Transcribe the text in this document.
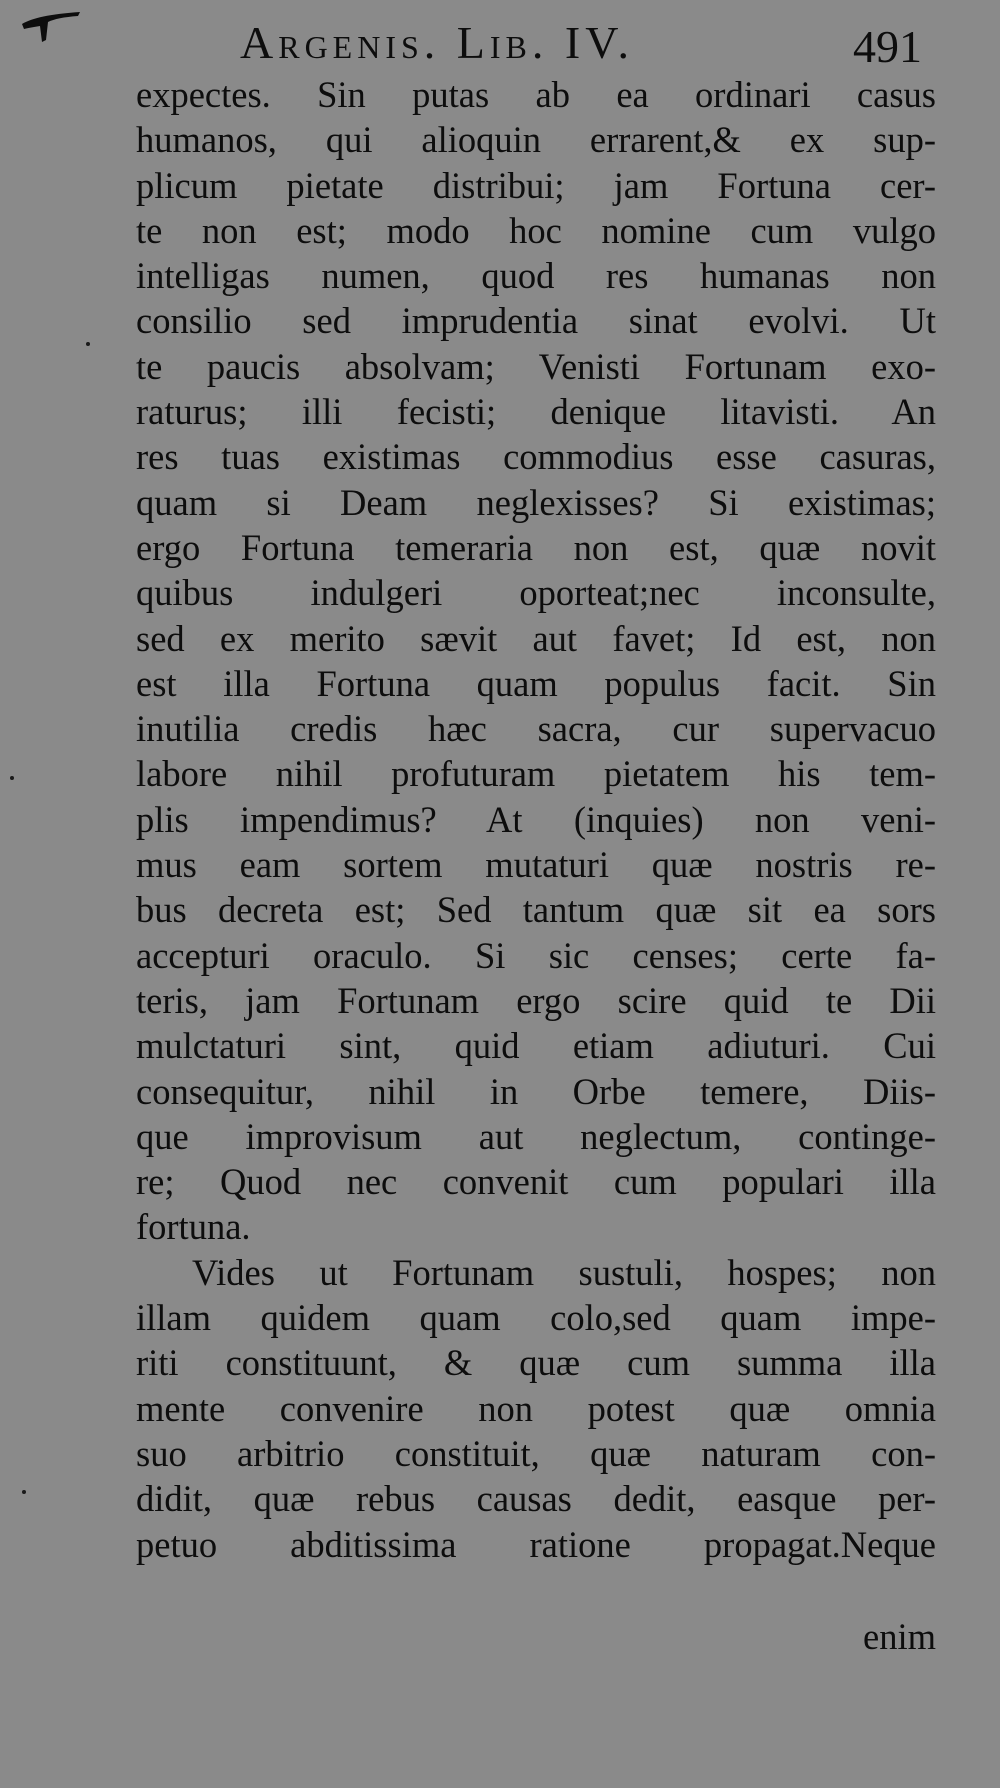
Argenis. Lib. IV.	491
expectes. Sin putas ab ea ordinari casus
humanos, qui alioquin errarent,& ex sup-
plicum pietate distribui; jam Fortuna cer-
te non est; modo hoc nomine cum vulgo
intelligas numen, quod res humanas non
consilio sed imprudentia sinat evolvi. Ut
te paucis absolvam; Venisti Fortunam exo-
raturus; illi fecisti; denique litavisti. An
res tuas existimas commodius esse casuras,
quam si Deam neglexisses? Si existimas;
ergo Fortuna temeraria non est, quæ novit
quibus indulgeri oporteat;nec inconsulte,
sed ex merito sævit aut favet; Id est, non
est illa Fortuna quam populus facit. Sin
inutilia credis hæc sacra, cur supervacuo
labore nihil profuturam pietatem his tem-
plis impendimus? At (inquies) non veni-
mus eam sortem mutaturi quæ nostris re-
bus decreta est; Sed tantum quæ sit ea sors
accepturi oraculo. Si sic censes; certe fa-
teris, jam Fortunam ergo scire quid te Dii
mulctaturi sint, quid etiam adiuturi. Cui
consequitur, nihil in Orbe temere, Diis-
que improvisum aut neglectum, continge-
re; Quod nec convenit cum populari illa
fortuna.
Vides ut Fortunam sustuli, hospes; non
illam quidem quam colo,sed quam impe-
riti constituunt, & quæ cum summa illa
mente convenire non potest quæ omnia
suo arbitrio constituit, quæ naturam con-
didit, quæ rebus causas dedit, easque per-
petuo abditissima ratione propagat.Neque
enim
